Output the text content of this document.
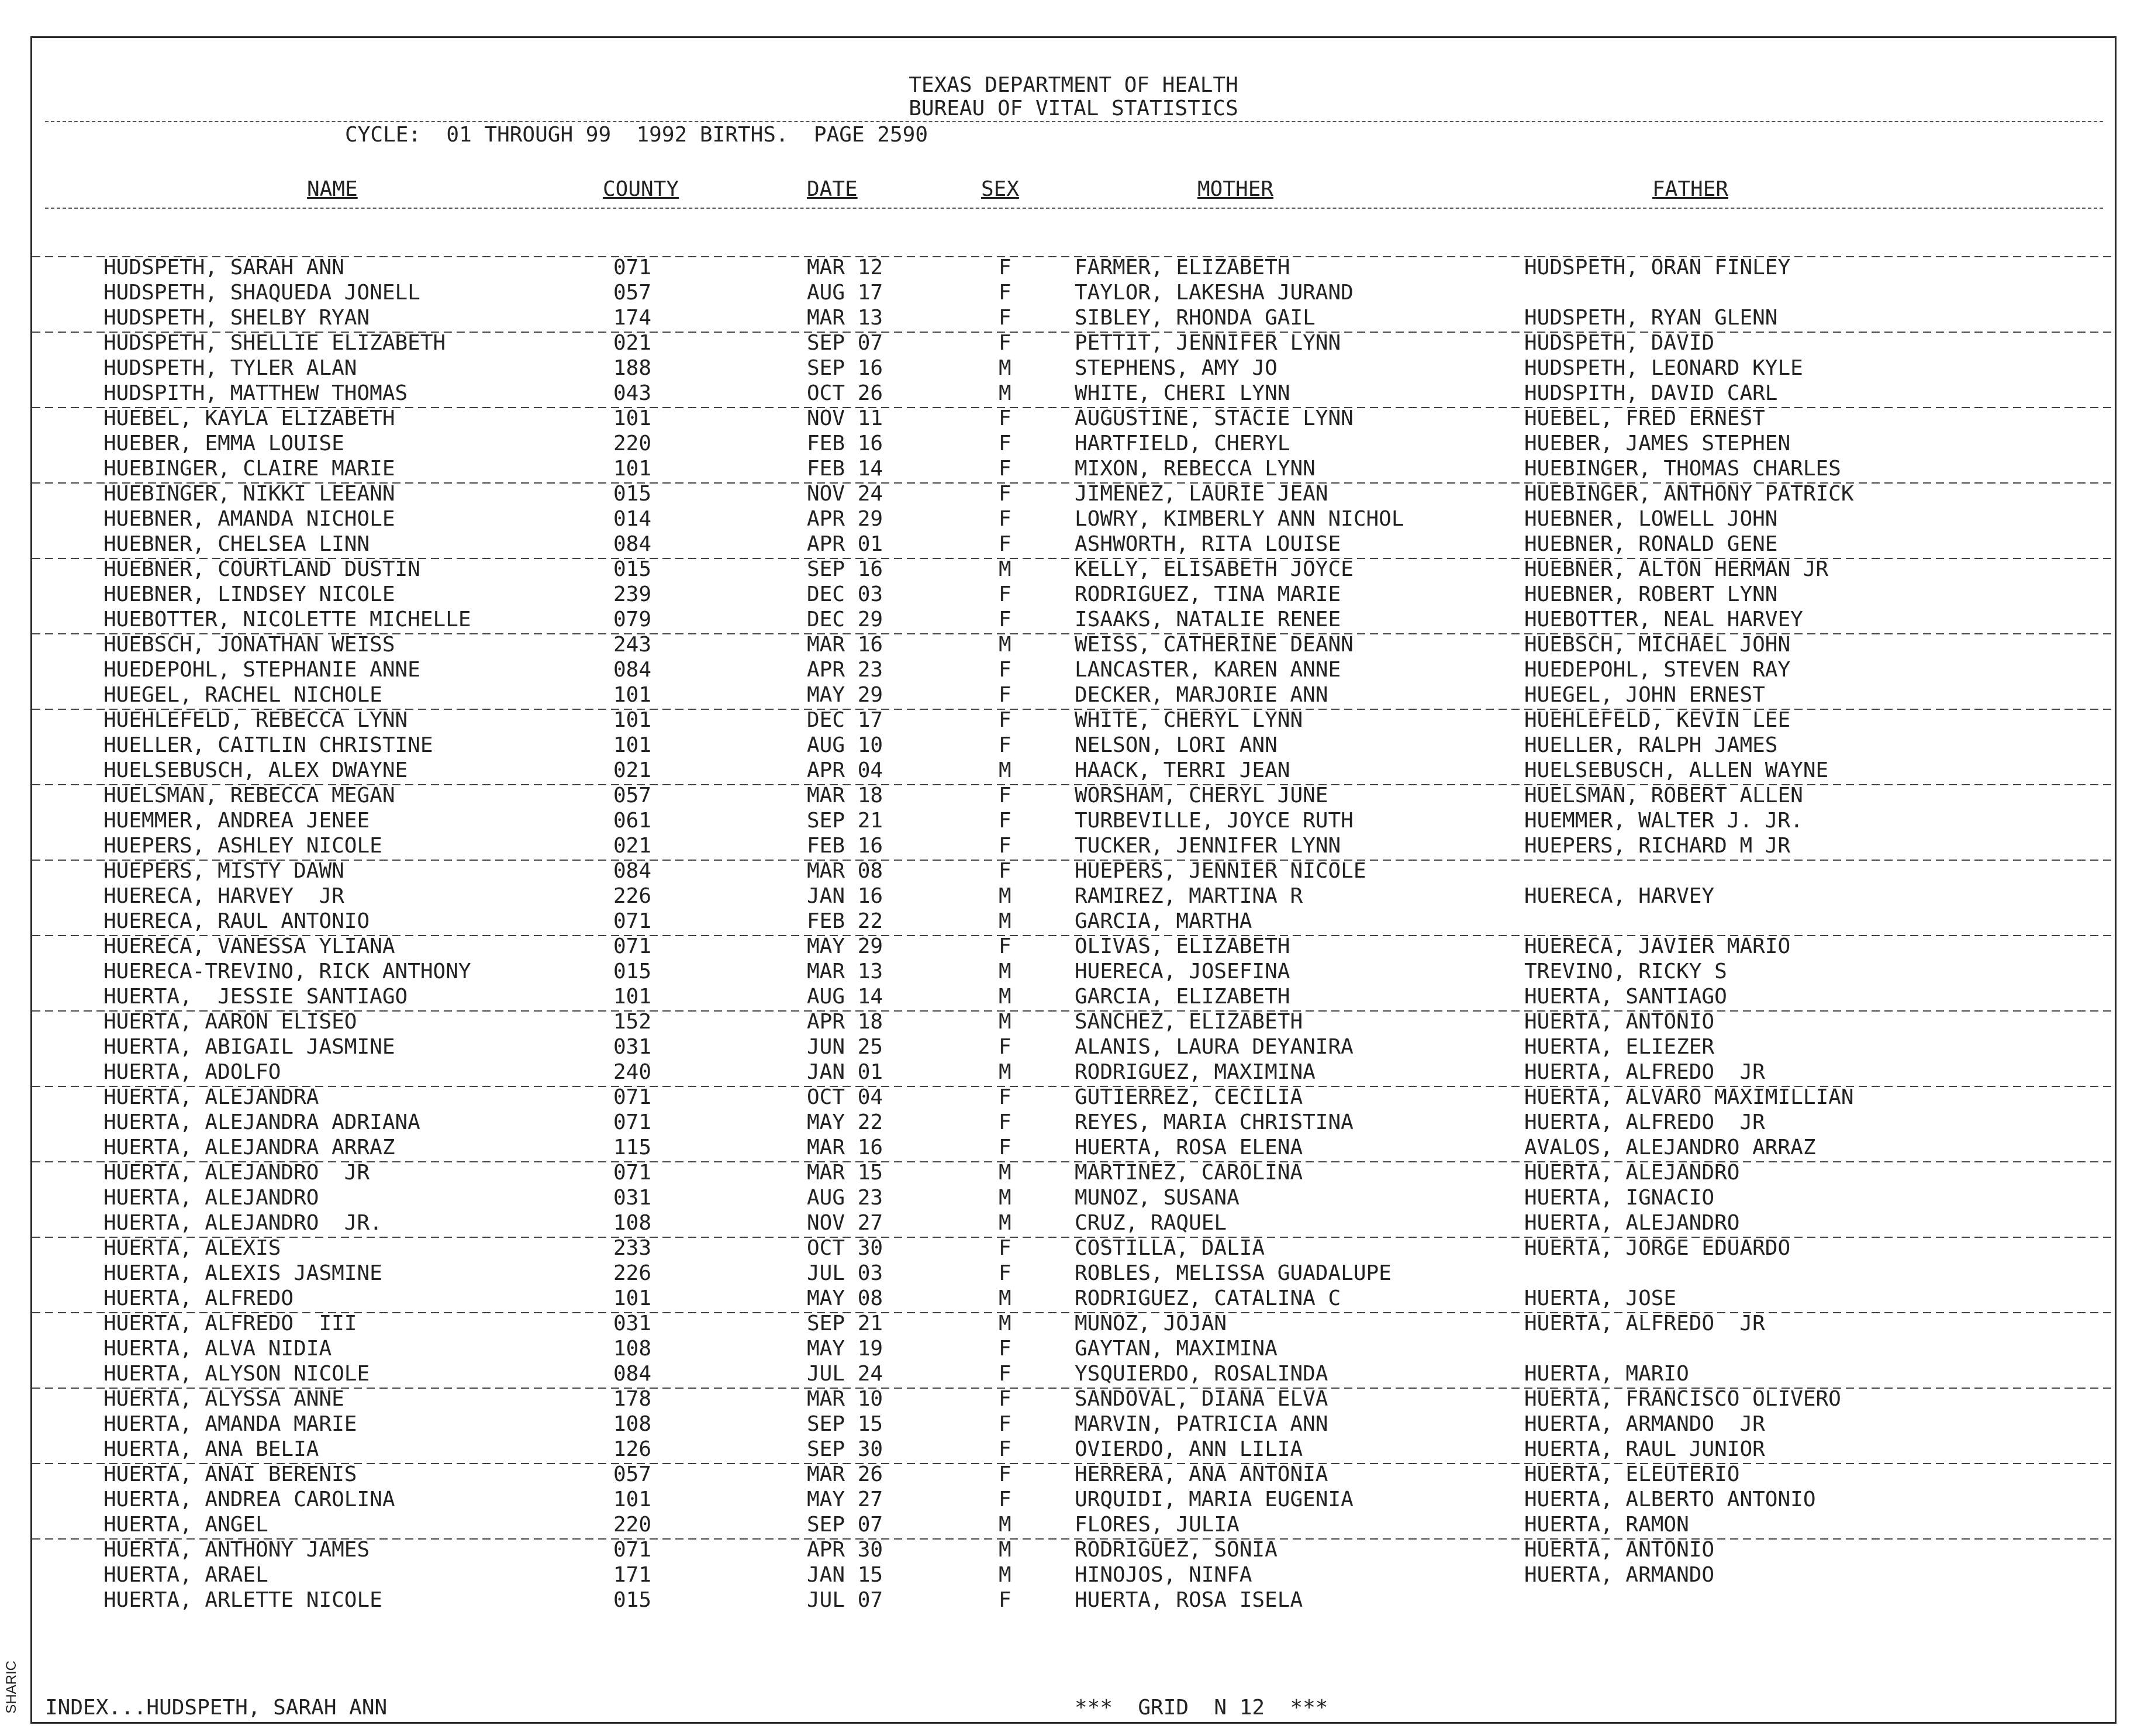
SHARIC
TEXAS DEPARTMENT OF HEALTH
BUREAU OF VITAL STATISTICS
CYCLE:  01 THROUGH 99  1992 BIRTHS.  PAGE 2590
NAME	COUNTY	DATE	SEX	MOTHER	FATHER
HUDSPETH, SARAH ANN	071	MAR 12	F	FARMER, ELIZABETH	HUDSPETH, ORAN FINLEY
HUDSPETH, SHAQUEDA JONELL	057	AUG 17	F	TAYLOR, LAKESHA JURAND
HUDSPETH, SHELBY RYAN	174	MAR 13	F	SIBLEY, RHONDA GAIL	HUDSPETH, RYAN GLENN
HUDSPETH, SHELLIE ELIZABETH	021	SEP 07	F	PETTIT, JENNIFER LYNN	HUDSPETH, DAVID
HUDSPETH, TYLER ALAN	188	SEP 16	M	STEPHENS, AMY JO	HUDSPETH, LEONARD KYLE
HUDSPITH, MATTHEW THOMAS	043	OCT 26	M	WHITE, CHERI LYNN	HUDSPITH, DAVID CARL
HUEBEL, KAYLA ELIZABETH	101	NOV 11	F	AUGUSTINE, STACIE LYNN	HUEBEL, FRED ERNEST
HUEBER, EMMA LOUISE	220	FEB 16	F	HARTFIELD, CHERYL	HUEBER, JAMES STEPHEN
HUEBINGER, CLAIRE MARIE	101	FEB 14	F	MIXON, REBECCA LYNN	HUEBINGER, THOMAS CHARLES
HUEBINGER, NIKKI LEEANN	015	NOV 24	F	JIMENEZ, LAURIE JEAN	HUEBINGER, ANTHONY PATRICK
HUEBNER, AMANDA NICHOLE	014	APR 29	F	LOWRY, KIMBERLY ANN NICHOL	HUEBNER, LOWELL JOHN
HUEBNER, CHELSEA LINN	084	APR 01	F	ASHWORTH, RITA LOUISE	HUEBNER, RONALD GENE
HUEBNER, COURTLAND DUSTIN	015	SEP 16	M	KELLY, ELISABETH JOYCE	HUEBNER, ALTON HERMAN JR
HUEBNER, LINDSEY NICOLE	239	DEC 03	F	RODRIGUEZ, TINA MARIE	HUEBNER, ROBERT LYNN
HUEBOTTER, NICOLETTE MICHELLE	079	DEC 29	F	ISAAKS, NATALIE RENEE	HUEBOTTER, NEAL HARVEY
HUEBSCH, JONATHAN WEISS	243	MAR 16	M	WEISS, CATHERINE DEANN	HUEBSCH, MICHAEL JOHN
HUEDEPOHL, STEPHANIE ANNE	084	APR 23	F	LANCASTER, KAREN ANNE	HUEDEPOHL, STEVEN RAY
HUEGEL, RACHEL NICHOLE	101	MAY 29	F	DECKER, MARJORIE ANN	HUEGEL, JOHN ERNEST
HUEHLEFELD, REBECCA LYNN	101	DEC 17	F	WHITE, CHERYL LYNN	HUEHLEFELD, KEVIN LEE
HUELLER, CAITLIN CHRISTINE	101	AUG 10	F	NELSON, LORI ANN	HUELLER, RALPH JAMES
HUELSEBUSCH, ALEX DWAYNE	021	APR 04	M	HAACK, TERRI JEAN	HUELSEBUSCH, ALLEN WAYNE
HUELSMAN, REBECCA MEGAN	057	MAR 18	F	WORSHAM, CHERYL JUNE	HUELSMAN, ROBERT ALLEN
HUEMMER, ANDREA JENEE	061	SEP 21	F	TURBEVILLE, JOYCE RUTH	HUEMMER, WALTER J. JR.
HUEPERS, ASHLEY NICOLE	021	FEB 16	F	TUCKER, JENNIFER LYNN	HUEPERS, RICHARD M JR
HUEPERS, MISTY DAWN	084	MAR 08	F	HUEPERS, JENNIER NICOLE
HUERECA, HARVEY  JR	226	JAN 16	M	RAMIREZ, MARTINA R	HUERECA, HARVEY
HUERECA, RAUL ANTONIO	071	FEB 22	M	GARCIA, MARTHA
HUERECA, VANESSA YLIANA	071	MAY 29	F	OLIVAS, ELIZABETH	HUERECA, JAVIER MARIO
HUERECA-TREVINO, RICK ANTHONY	015	MAR 13	M	HUERECA, JOSEFINA	TREVINO, RICKY S
HUERTA,  JESSIE SANTIAGO	101	AUG 14	M	GARCIA, ELIZABETH	HUERTA, SANTIAGO
HUERTA, AARON ELISEO	152	APR 18	M	SANCHEZ, ELIZABETH	HUERTA, ANTONIO
HUERTA, ABIGAIL JASMINE	031	JUN 25	F	ALANIS, LAURA DEYANIRA	HUERTA, ELIEZER
HUERTA, ADOLFO	240	JAN 01	M	RODRIGUEZ, MAXIMINA	HUERTA, ALFREDO  JR
HUERTA, ALEJANDRA	071	OCT 04	F	GUTIERREZ, CECILIA	HUERTA, ALVARO MAXIMILLIAN
HUERTA, ALEJANDRA ADRIANA	071	MAY 22	F	REYES, MARIA CHRISTINA	HUERTA, ALFREDO  JR
HUERTA, ALEJANDRA ARRAZ	115	MAR 16	F	HUERTA, ROSA ELENA	AVALOS, ALEJANDRO ARRAZ
HUERTA, ALEJANDRO  JR	071	MAR 15	M	MARTINEZ, CAROLINA	HUERTA, ALEJANDRO
HUERTA, ALEJANDRO	031	AUG 23	M	MUNOZ, SUSANA	HUERTA, IGNACIO
HUERTA, ALEJANDRO  JR.	108	NOV 27	M	CRUZ, RAQUEL	HUERTA, ALEJANDRO
HUERTA, ALEXIS	233	OCT 30	F	COSTILLA, DALIA	HUERTA, JORGE EDUARDO
HUERTA, ALEXIS JASMINE	226	JUL 03	F	ROBLES, MELISSA GUADALUPE
HUERTA, ALFREDO	101	MAY 08	M	RODRIGUEZ, CATALINA C	HUERTA, JOSE
HUERTA, ALFREDO  III	031	SEP 21	M	MUNOZ, JOJAN	HUERTA, ALFREDO  JR
HUERTA, ALVA NIDIA	108	MAY 19	F	GAYTAN, MAXIMINA
HUERTA, ALYSON NICOLE	084	JUL 24	F	YSQUIERDO, ROSALINDA	HUERTA, MARIO
HUERTA, ALYSSA ANNE	178	MAR 10	F	SANDOVAL, DIANA ELVA	HUERTA, FRANCISCO OLIVERO
HUERTA, AMANDA MARIE	108	SEP 15	F	MARVIN, PATRICIA ANN	HUERTA, ARMANDO  JR
HUERTA, ANA BELIA	126	SEP 30	F	OVIERDO, ANN LILIA	HUERTA, RAUL JUNIOR
HUERTA, ANAI BERENIS	057	MAR 26	F	HERRERA, ANA ANTONIA	HUERTA, ELEUTERIO
HUERTA, ANDREA CAROLINA	101	MAY 27	F	URQUIDI, MARIA EUGENIA	HUERTA, ALBERTO ANTONIO
HUERTA, ANGEL	220	SEP 07	M	FLORES, JULIA	HUERTA, RAMON
HUERTA, ANTHONY JAMES	071	APR 30	M	RODRIGUEZ, SONIA	HUERTA, ANTONIO
HUERTA, ARAEL	171	JAN 15	M	HINOJOS, NINFA	HUERTA, ARMANDO
HUERTA, ARLETTE NICOLE	015	JUL 07	F	HUERTA, ROSA ISELA
INDEX...HUDSPETH, SARAH ANN	***  GRID  N 12  ***
